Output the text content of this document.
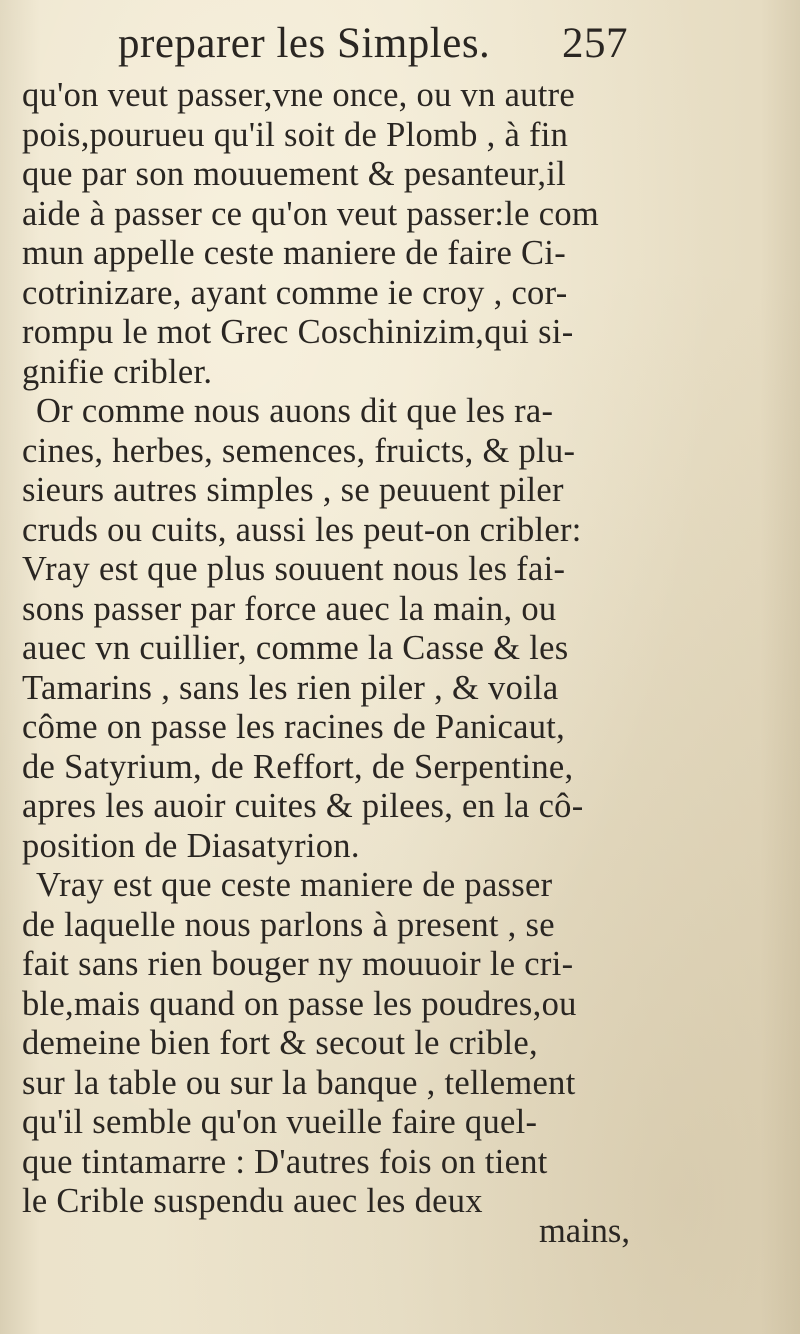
preparer les Simples. 257
qu'on veut passer,vne once, ou vn autre
pois,pourueu qu'il soit de Plomb , à fin
que par son mouuement & pesanteur,il
aide à passer ce qu'on veut passer:le com
mun appelle ceste maniere de faire Ci-
cotrinizare, ayant comme ie croy , cor-
rompu le mot Grec Coschinizim,qui si-
gnifie cribler.
Or comme nous auons dit que les ra-
cines, herbes, semences, fruicts, & plu-
sieurs autres simples , se peuuent piler
cruds ou cuits, aussi les peut-on cribler:
Vray est que plus souuent nous les fai-
sons passer par force auec la main, ou
auec vn cuillier, comme la Casse & les
Tamarins , sans les rien piler , & voila
côme on passe les racines de Panicaut,
de Satyrium, de Reffort, de Serpentine,
apres les auoir cuites & pilees, en la cô-
position de Diasatyrion.
Vray est que ceste maniere de passer
de laquelle nous parlons à present , se
fait sans rien bouger ny mouuoir le cri-
ble,mais quand on passe les poudres,ou
demeine bien fort & secout le crible,
sur la table ou sur la banque , tellement
qu'il semble qu'on vueille faire quel-
que tintamarre : D'autres fois on tient
le Crible suspendu auec les deux
mains,
